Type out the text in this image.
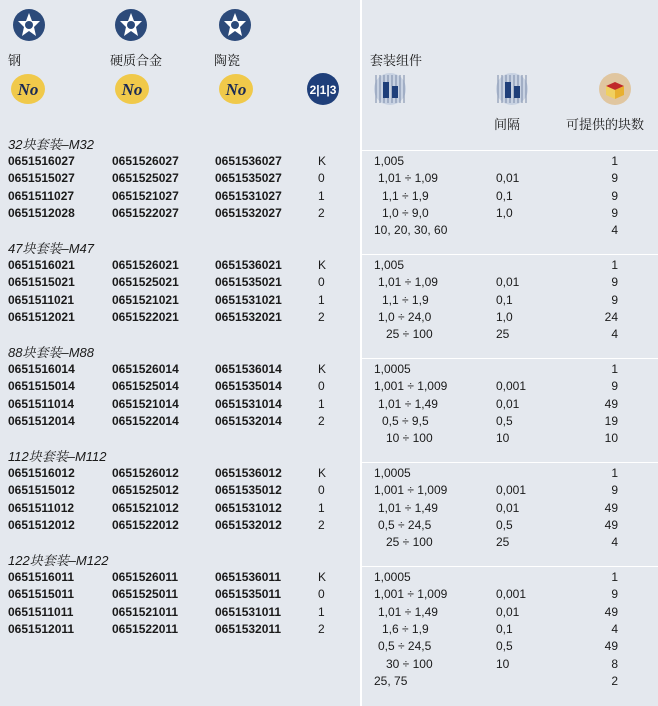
钢	硬质合金	陶瓷
No	No	No	2|1|3
套装组件
间隔	可提供的块数
32块套装–M32
0651516027	0651526027	0651536027	K
0651515027	0651525027	0651535027	0
0651511027	0651521027	0651531027	1
0651512028	0651522027	0651532027	2
1,005	1
1,01 ÷ 1,09	0,01	9
1,1 ÷ 1,9	0,1	9
1,0 ÷ 9,0	1,0	9
10, 20, 30, 60	4
47块套装–M47
0651516021	0651526021	0651536021	K
0651515021	0651525021	0651535021	0
0651511021	0651521021	0651531021	1
0651512021	0651522021	0651532021	2
1,005	1
1,01 ÷ 1,09	0,01	9
1,1 ÷ 1,9	0,1	9
1,0 ÷ 24,0	1,0	24
25 ÷ 100	25	4
88块套装–M88
0651516014	0651526014	0651536014	K
0651515014	0651525014	0651535014	0
0651511014	0651521014	0651531014	1
0651512014	0651522014	0651532014	2
1,0005	1
1,001 ÷ 1,009	0,001	9
1,01 ÷ 1,49	0,01	49
0,5 ÷ 9,5	0,5	19
10 ÷ 100	10	10
112块套装–M112
0651516012	0651526012	0651536012	K
0651515012	0651525012	0651535012	0
0651511012	0651521012	0651531012	1
0651512012	0651522012	0651532012	2
1,0005	1
1,001 ÷ 1,009	0,001	9
1,01 ÷ 1,49	0,01	49
0,5 ÷ 24,5	0,5	49
25 ÷ 100	25	4
122块套装–M122
0651516011	0651526011	0651536011	K
0651515011	0651525011	0651535011	0
0651511011	0651521011	0651531011	1
0651512011	0651522011	0651532011	2
1,0005	1
1,001 ÷ 1,009	0,001	9
1,01 ÷ 1,49	0,01	49
1,6 ÷ 1,9	0,1	4
0,5 ÷ 24,5	0,5	49
30 ÷ 100	10	8
25, 75	2
